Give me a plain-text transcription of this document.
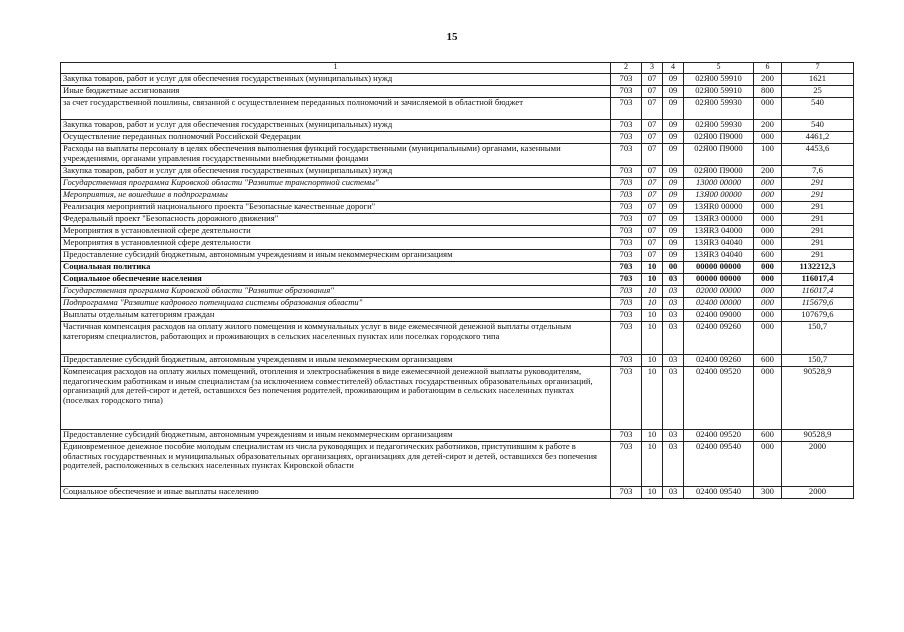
15
1	2	3	4	5	6	7
Закупка товаров, работ и услуг для обеспечения государственных (муниципальных) нужд	703	07	09	02Я00 59910	200	1621
Иные бюджетные ассигнования	703	07	09	02Я00 59910	800	25
за счет государственной пошлины, связанной с осуществлением переданных полномочий и зачисляемой в областной бюджет	703	07	09	02Я00 59930	000	540
Закупка товаров, работ и услуг для обеспечения государственных (муниципальных) нужд	703	07	09	02Я00 59930	200	540
Осуществление переданных полномочий Российской Федерации	703	07	09	02Я00 П9000	000	4461,2
Расходы на выплаты персоналу в целях обеспечения выполнения функций государственными (муниципальными) органами, казенными учреждениями, органами управления государственными внебюджетными фондами	703	07	09	02Я00 П9000	100	4453,6
Закупка товаров, работ и услуг для обеспечения государственных (муниципальных) нужд	703	07	09	02Я00 П9000	200	7,6
Государственная программа Кировской области "Развитие транспортной системы"	703	07	09	13000 00000	000	291
Мероприятия, не вошедшие в подпрограммы	703	07	09	13Я00 00000	000	291
Реализация мероприятий национального проекта "Безопасные качественные дороги"	703	07	09	13ЯR0 00000	000	291
Федеральный проект "Безопасность дорожного движения"	703	07	09	13ЯR3 00000	000	291
Мероприятия в установленной сфере деятельности	703	07	09	13ЯR3 04000	000	291
Мероприятия в установленной сфере деятельности	703	07	09	13ЯR3 04040	000	291
Предоставление субсидий бюджетным, автономным учреждениям и иным некоммерческим организациям	703	07	09	13ЯR3 04040	600	291
Социальная политика	703	10	00	00000 00000	000	1132212,3
Социальное обеспечение населения	703	10	03	00000 00000	000	116017,4
Государственная программа Кировской области "Развитие образования"	703	10	03	02000 00000	000	116017,4
Подпрограмма "Развитие кадрового потенциала системы образования области"	703	10	03	02400 00000	000	115679,6
Выплаты отдельным категориям граждан	703	10	03	02400 09000	000	107679,6
Частичная компенсация расходов на оплату жилого помещения и коммунальных услуг в виде ежемесячной денежной выплаты отдельным категориям специалистов, работающих и проживающих в сельских населенных пунктах или поселках городского типа	703	10	03	02400 09260	000	150,7
Предоставление субсидий бюджетным, автономным учреждениям и иным некоммерческим организациям	703	10	03	02400 09260	600	150,7
Компенсация расходов на оплату жилых помещений, отопления и электроснабжения в виде ежемесячной денежной выплаты руководителям, педагогическим работникам и иным специалистам (за исключением совместителей) областных государственных образовательных организаций, организаций для детей-сирот и детей, оставшихся без попечения родителей, проживающим и работающим в сельских населенных пунктах (поселках городского типа)	703	10	03	02400 09520	000	90528,9
Предоставление субсидий бюджетным, автономным учреждениям и иным некоммерческим организациям	703	10	03	02400 09520	600	90528,9
Единовременное денежное пособие молодым специалистам из числа руководящих и педагогических работников, приступившим к работе в областных государственных и муниципальных образовательных организациях, организациях для детей-сирот и детей, оставшихся без попечения родителей, расположенных в сельских населенных пунктах Кировской области	703	10	03	02400 09540	000	2000
Социальное обеспечение и иные выплаты населению	703	10	03	02400 09540	300	2000
